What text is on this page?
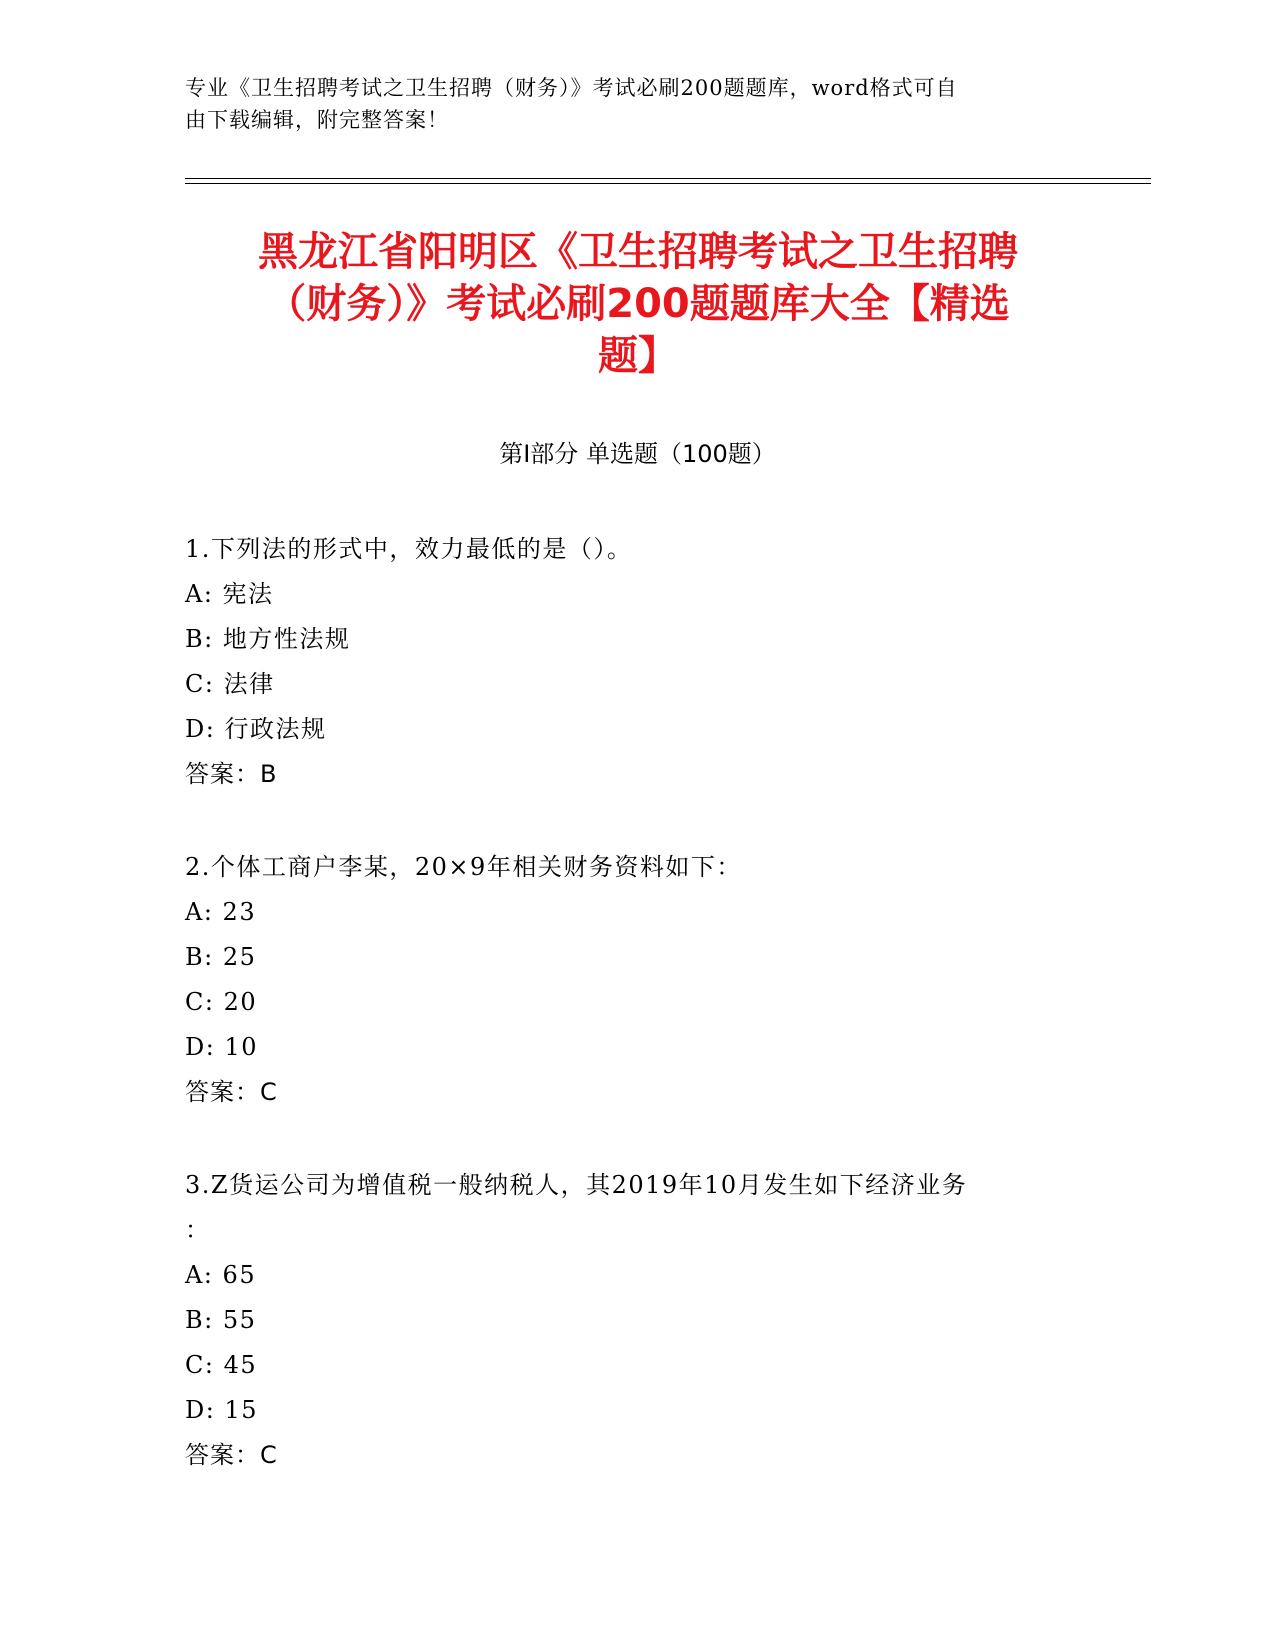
专业《卫生招聘考试之卫生招聘（财务）》考试必刷200题题库，word格式可自
由下载编辑，附完整答案！
黑龙江省阳明区《卫生招聘考试之卫生招聘
（财务）》考试必刷200题题库大全【精选
题】
第Ⅰ部分 单选题（100题）
1.下列法的形式中，效力最低的是（）。
A: 宪法
B: 地方性法规
C: 法律
D: 行政法规
答案：B
2.个体工商户李某，20×9年相关财务资料如下：
A: 23
B: 25
C: 20
D: 10
答案：C
3.Z货运公司为增值税一般纳税人，其2019年10月发生如下经济业务
：
A: 65
B: 55
C: 45
D: 15
答案：C
